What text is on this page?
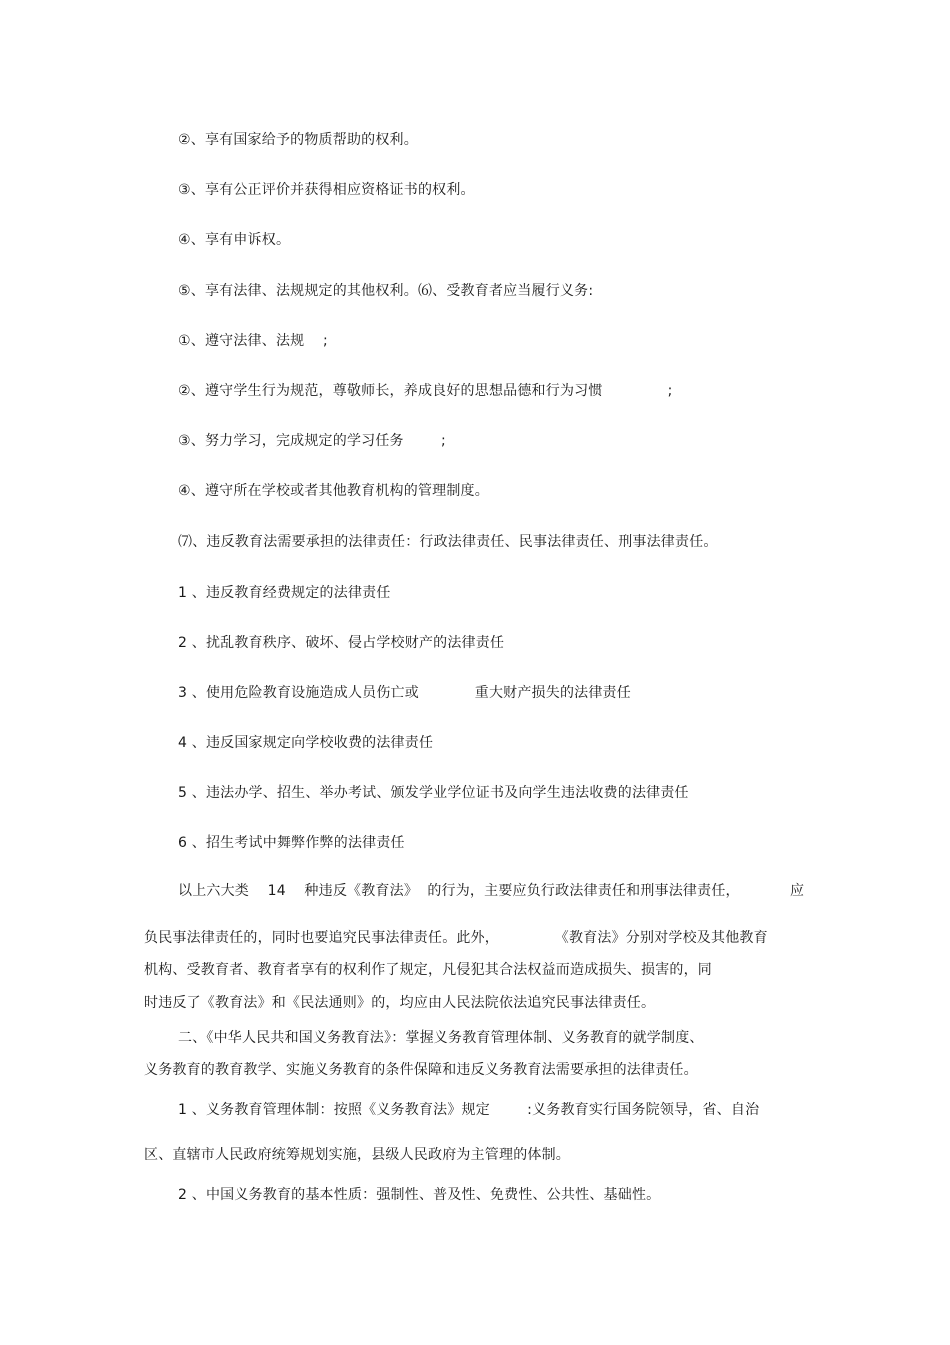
②、享有国家给予的物质帮助的权利。
③、享有公正评价并获得相应资格证书的权利。
④、享有申诉权。
⑤、享有法律、法规规定的其他权利。⑹、受教育者应当履行义务:
①、遵守法律、法规    ;
②、遵守学生行为规范，尊敬师长，养成良好的思想品德和行为习惯              ;
③、努力学习，完成规定的学习任务        ;
④、遵守所在学校或者其他教育机构的管理制度。
⑺、违反教育法需要承担的法律责任：行政法律责任、民事法律责任、刑事法律责任。
1 、违反教育经费规定的法律责任
2 、扰乱教育秩序、破坏、侵占学校财产的法律责任
3 、使用危险教育设施造成人员伤亡或            重大财产损失的法律责任
4 、违反国家规定向学校收费的法律责任
5 、违法办学、招生、举办考试、颁发学业学位证书及向学生违法收费的法律责任
6 、招生考试中舞弊作弊的法律责任
以上六大类    14    种违反《教育法》  的行为，主要应负行政法律责任和刑事法律责任，	应
负民事法律责任的，同时也要追究民事法律责任。此外，            《教育法》分别对学校及其他教育
机构、受教育者、教育者享有的权利作了规定，凡侵犯其合法权益而造成损失、损害的，同
时违反了《教育法》和《民法通则》的，均应由人民法院依法追究民事法律责任。
二、《中华人民共和国义务教育法》：掌握义务教育管理体制、义务教育的就学制度、
义务教育的教育教学、实施义务教育的条件保障和违反义务教育法需要承担的法律责任。
1 、义务教育管理体制：按照《义务教育法》规定        :义务教育实行国务院领导，省、自治
区、直辖市人民政府统筹规划实施，县级人民政府为主管理的体制。
2 、中国义务教育的基本性质：强制性、普及性、免费性、公共性、基础性。
